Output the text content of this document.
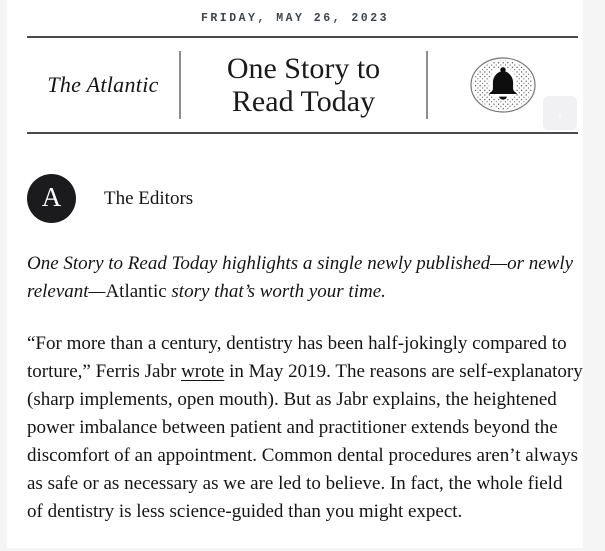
FRIDAY, MAY 26, 2023
The Atlantic	One Story to
Read Today	↓
A The Editors

One Story to Read Today highlights a single newly published—or newly relevant—Atlantic story that’s worth your time.

“For more than a century, dentistry has been half-jokingly compared to torture,” Ferris Jabr wrote in May 2019. The reasons are self-explanatory (sharp implements, open mouth). But as Jabr explains, the heightened power imbalance between patient and practitioner extends beyond the discomfort of an appointment. Common dental procedures aren’t always as safe or as necessary as we are led to believe. In fact, the whole field of dentistry is less science-guided than you might expect.
